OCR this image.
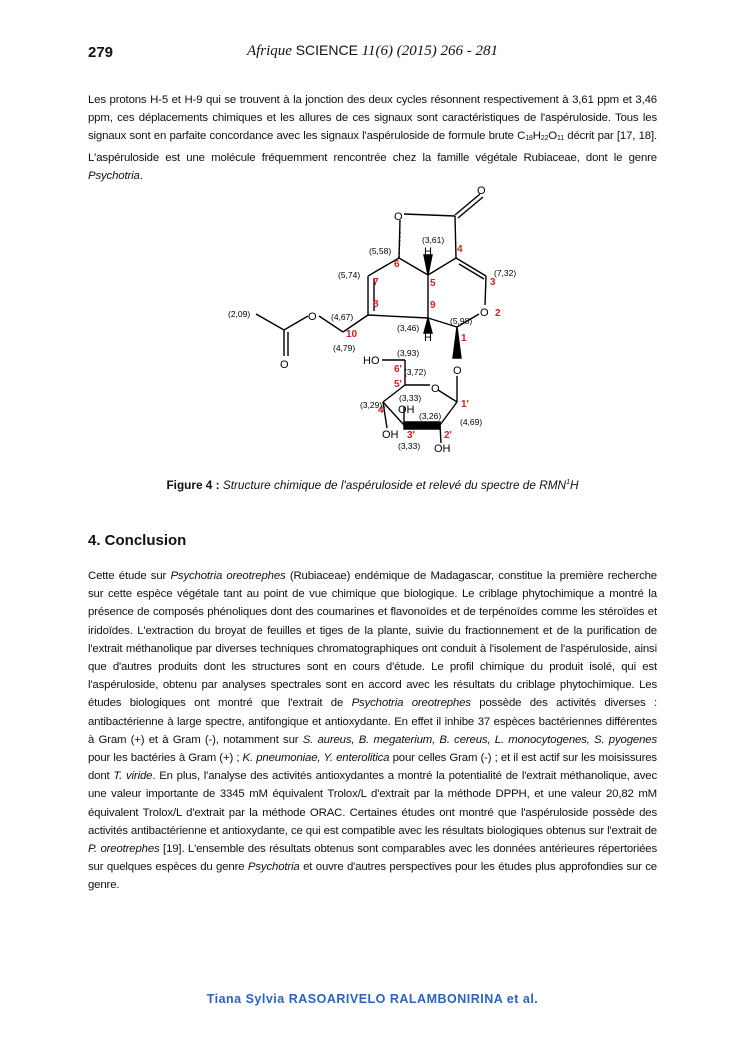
279	Afrique SCIENCE 11(6) (2015) 266 - 281

Les protons H-5 et H-9 qui se trouvent à la jonction des deux cycles résonnent respectivement à 3,61 ppm et 3,46 ppm, ces déplacements chimiques et les allures de ces signaux sont caractéristiques de l'aspéruloside. Tous les signaux sont en parfaite concordance avec les signaux l'aspéruloside de formule brute C18H22O11 décrit par [17, 18]. L'aspéruloside est une molécule fréquemment rencontrée chez la famille végétale Rubiaceae, dont le genre Psychotria.

O
O
O
O
O	O
O
H
H
HO
OH
OH
OH
4
3
2
1
5
6
7
8	9
10
1'
2'
3'
4'
5'
6'
(3,61)
(5,58)
(7,32)
(5,74)
(2,09)	(4,67)
(4,79)
(3,46)
(5,98)
(3,93)
(3,72)
(3,29)
(3,33)
(3,26)
(4,69)
(3,33)
Figure 4 : Structure chimique de l'aspéruloside et relevé du spectre de RMN$^1$H
4. Conclusion

Cette étude sur Psychotria oreotrephes (Rubiaceae) endémique de Madagascar, constitue la première recherche sur cette espèce végétale tant au point de vue chimique que biologique. Le criblage phytochimique a montré la présence de composés phénoliques dont des coumarines et flavonoïdes et de terpénoïdes comme les stéroïdes et iridoïdes. L'extraction du broyat de feuilles et tiges de la plante, suivie du fractionnement et de la purification de l'extrait méthanolique par diverses techniques chromatographiques ont conduit à l'isolement de l'aspéruloside, ainsi que d'autres produits dont les structures sont en cours d'étude. Le profil chimique du produit isolé, qui est l'aspéruloside, obtenu par analyses spectrales sont en accord avec les résultats du criblage phytochimique. Les études biologiques ont montré que l'extrait de Psychotria oreotrephes possède des activités diverses : antibactérienne à large spectre, antifongique et antioxydante. En effet il inhibe 37 espèces bactériennes différentes à Gram (+) et à Gram (-), notamment sur S. aureus, B. megaterium, B. cereus, L. monocytogenes, S. pyogenes pour les bactéries à Gram (+) ; K. pneumoniae, Y. enterolitica pour celles Gram (-) ; et il est actif sur les moisissures dont T. viride. En plus, l'analyse des activités antioxydantes a montré la potentialité de l'extrait méthanolique, avec une valeur importante de 3345 mM équivalent Trolox/L d'extrait par la méthode DPPH, et une valeur 20,82 mM équivalent Trolox/L d'extrait par la méthode ORAC. Certaines études ont montré que l'aspéruloside possède des activités antibactérienne et antioxydante, ce qui est compatible avec les résultats biologiques obtenus sur l'extrait de P. oreotrephes [19]. L'ensemble des résultats obtenus sont comparables avec les données antérieures répertoriées sur quelques espèces du genre Psychotria et ouvre d'autres perspectives pour les études plus approfondies sur ce genre.

Tiana Sylvia RASOARIVELO RALAMBONIRINA et al.
